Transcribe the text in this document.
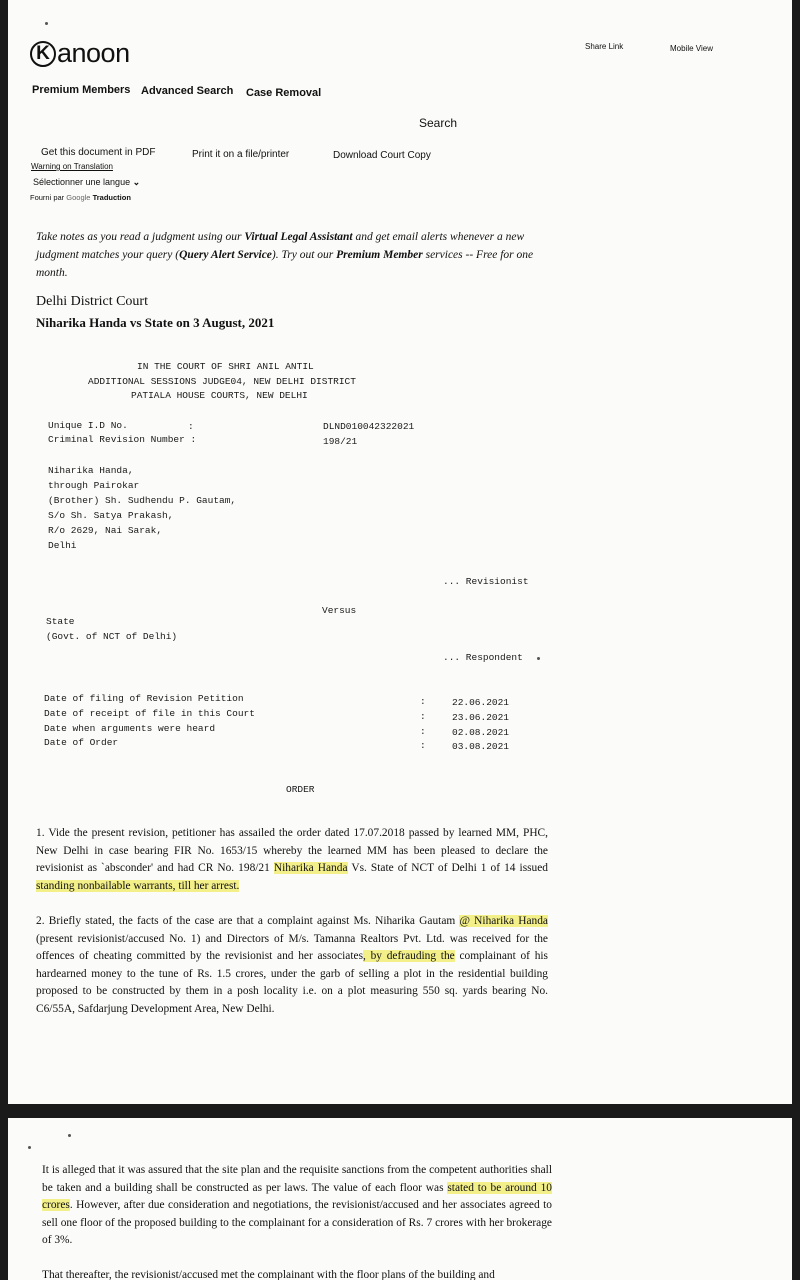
K anoon	Share Link	Mobile View
Premium Members Advanced Search Case Removal
Search
Get this document in PDF	Print it on a file/printer	Download Court Copy
Warning on Translation
Sélectionner une langue ⌄
Fourni par Google Traduction
Take notes as you read a judgment using our Virtual Legal Assistant and get email alerts whenever a new judgment matches your query (Query Alert Service). Try out our Premium Member services -- Free for one month.
Delhi District Court
Niharika Handa vs State on 3 August, 2021
IN THE COURT OF SHRI ANIL ANTIL
ADDITIONAL SESSIONS JUDGE04, NEW DELHI DISTRICT
PATIALA HOUSE COURTS, NEW DELHI
Unique I.D No.	:	DLND010042322021
Criminal Revision Number :	198/21
Niharika Handa,
through Pairokar
(Brother) Sh. Sudhendu P. Gautam,
S/o Sh. Satya Prakash,
R/o 2629, Nai Sarak,
Delhi
... Revisionist
Versus
State
(Govt. of NCT of Delhi)
... Respondent
Date of filing of Revision Petition	:	22.06.2021
Date of receipt of file in this Court	:	23.06.2021
Date when arguments were heard	:	02.08.2021
Date of Order	:	03.08.2021
ORDER
1. Vide the present revision, petitioner has assailed the order dated 17.07.2018 passed by learned MM, PHC, New Delhi in case bearing FIR No. 1653/15 whereby the learned MM has been pleased to declare the revisionist as `absconder' and had CR No. 198/21 Niharika Handa Vs. State of NCT of Delhi 1 of 14 issued standing nonbailable warrants, till her arrest.
2. Briefly stated, the facts of the case are that a complaint against Ms. Niharika Gautam @ Niharika Handa (present revisionist/accused No. 1) and Directors of M/s. Tamanna Realtors Pvt. Ltd. was received for the offences of cheating committed by the revisionist and her associates, by defrauding the complainant of his hardearned money to the tune of Rs. 1.5 crores, under the garb of selling a plot in the residential building proposed to be constructed by them in a posh locality i.e. on a plot measuring 550 sq. yards bearing No. C6/55A, Safdarjung Development Area, New Delhi.
It is alleged that it was assured that the site plan and the requisite sanctions from the competent authorities shall be taken and a building shall be constructed as per laws. The value of each floor was stated to be around 10 crores. However, after due consideration and negotiations, the revisionist/accused and her associates agreed to sell one floor of the proposed building to the complainant for a consideration of Rs. 7 crores with her brokerage of 3%.
That thereafter, the revisionist/accused met the complainant with the floor plans of the building and
